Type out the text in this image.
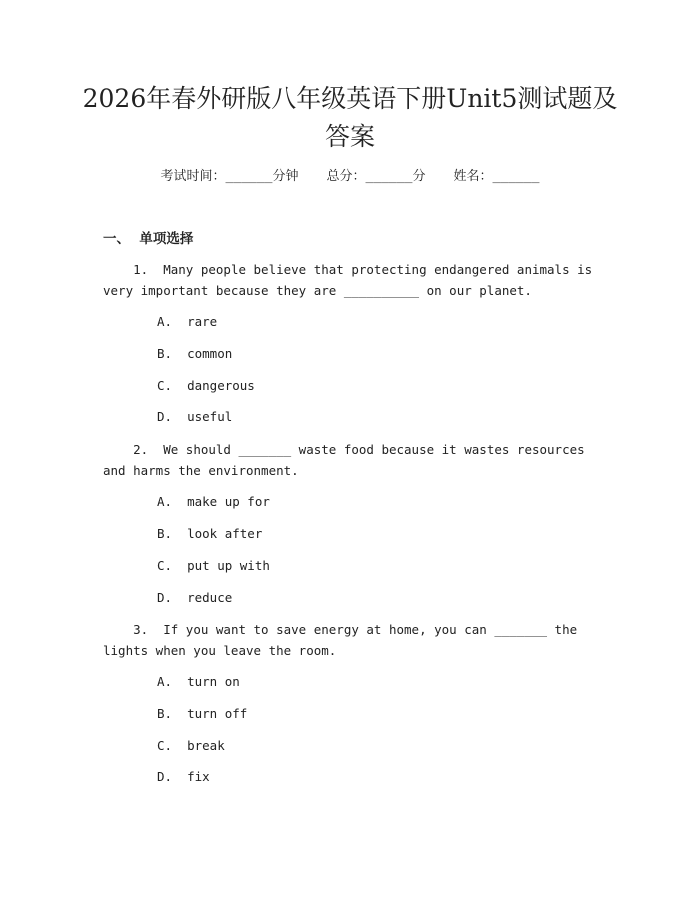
2026年春外研版八年级英语下册Unit5测试题及答案
考试时间：______分钟 总分：______分 姓名：______
一、  单项选择
1.  Many people believe that protecting endangered animals is very important because they are __________ on our planet.
A.  rare
B.  common
C.  dangerous
D.  useful
2.  We should _______ waste food because it wastes resources and harms the environment.
A.  make up for
B.  look after
C.  put up with
D.  reduce
3.  If you want to save energy at home, you can _______ the lights when you leave the room.
A.  turn on
B.  turn off
C.  break
D.  fix
